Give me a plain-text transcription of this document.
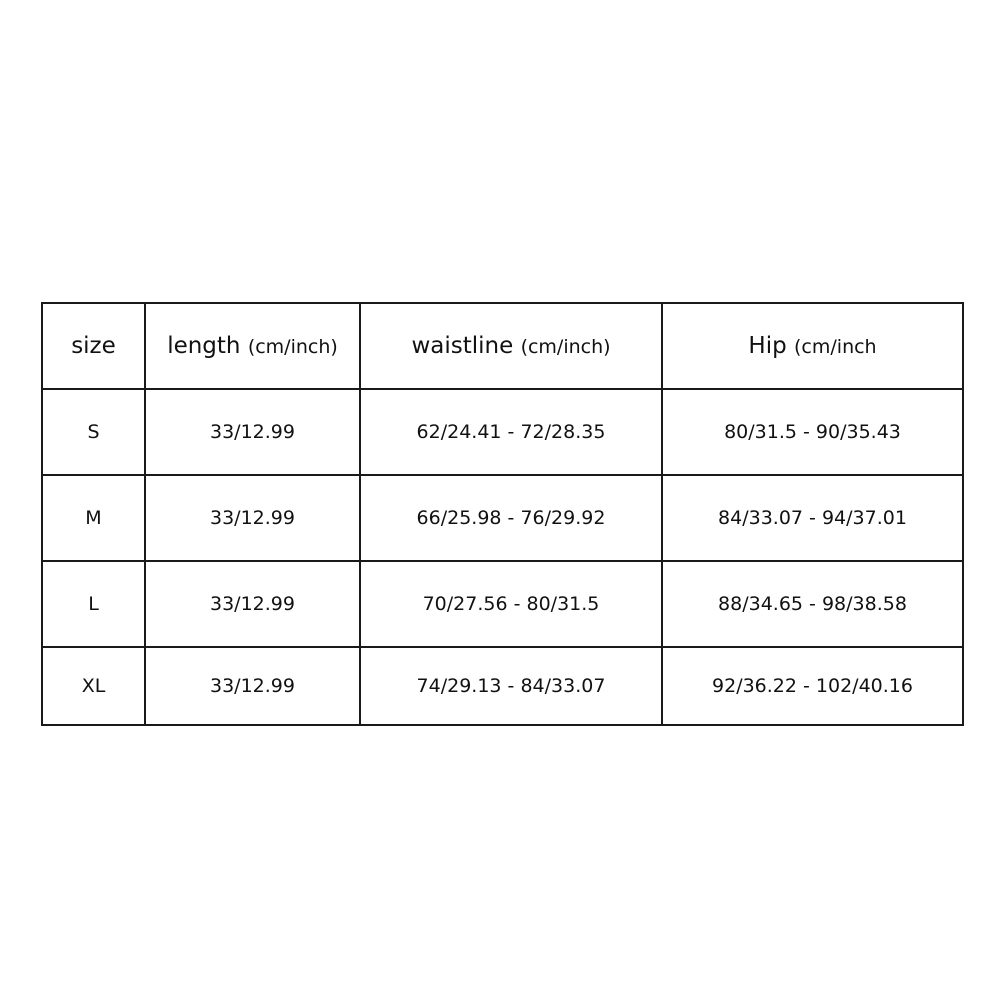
size	length (cm/inch)	waistline (cm/inch)	Hip (cm/inch
S	33/12.99	62/24.41 - 72/28.35	80/31.5 - 90/35.43
M	33/12.99	66/25.98 - 76/29.92	84/33.07 - 94/37.01
L	33/12.99	70/27.56 - 80/31.5	88/34.65 - 98/38.58
XL	33/12.99	74/29.13 - 84/33.07	92/36.22 - 102/40.16
